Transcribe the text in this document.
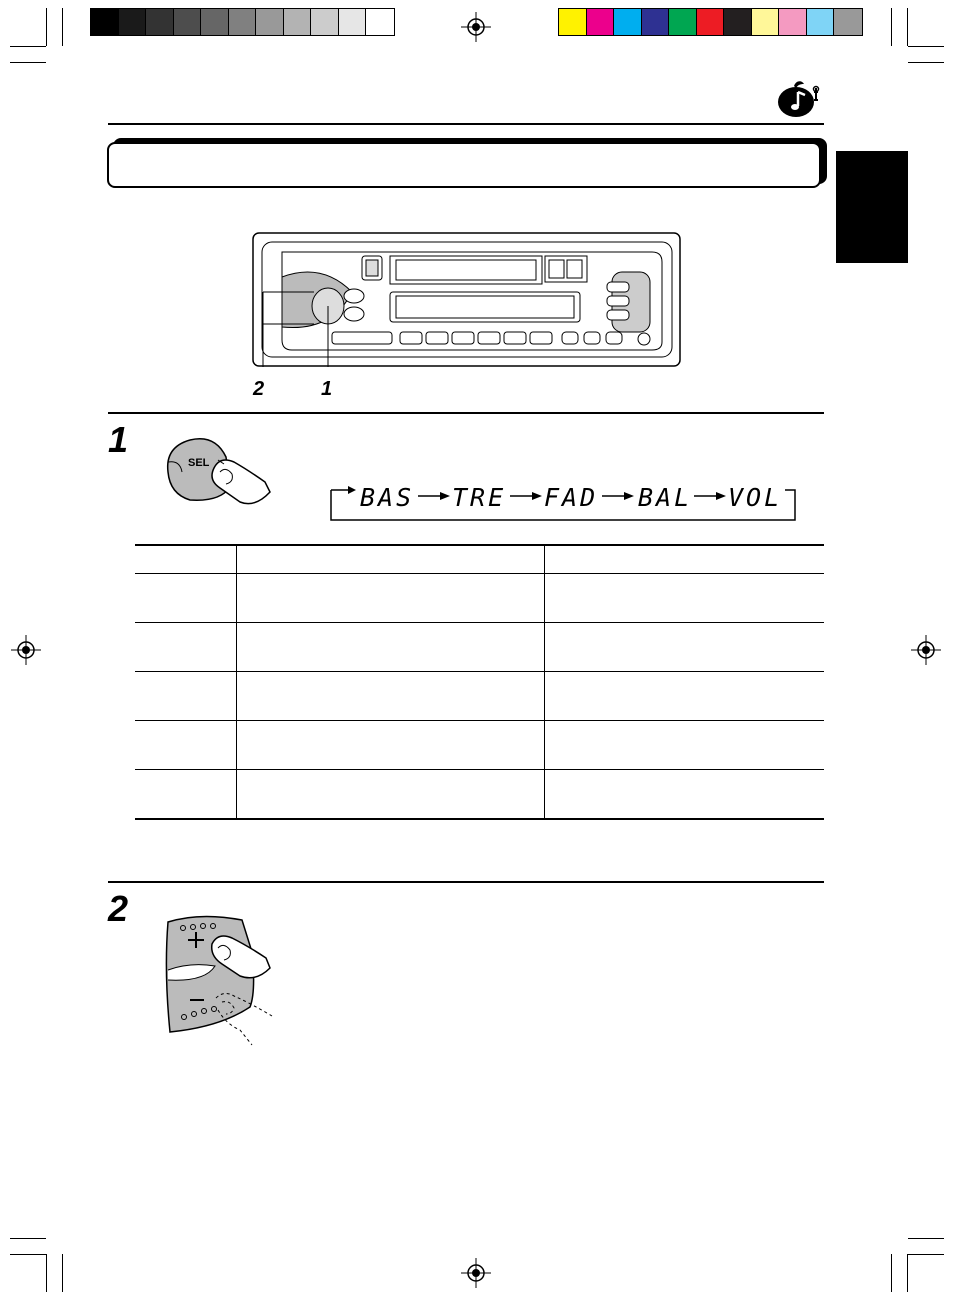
2	1
1
SEL
BAS TRE FAD BAL VOL

2
